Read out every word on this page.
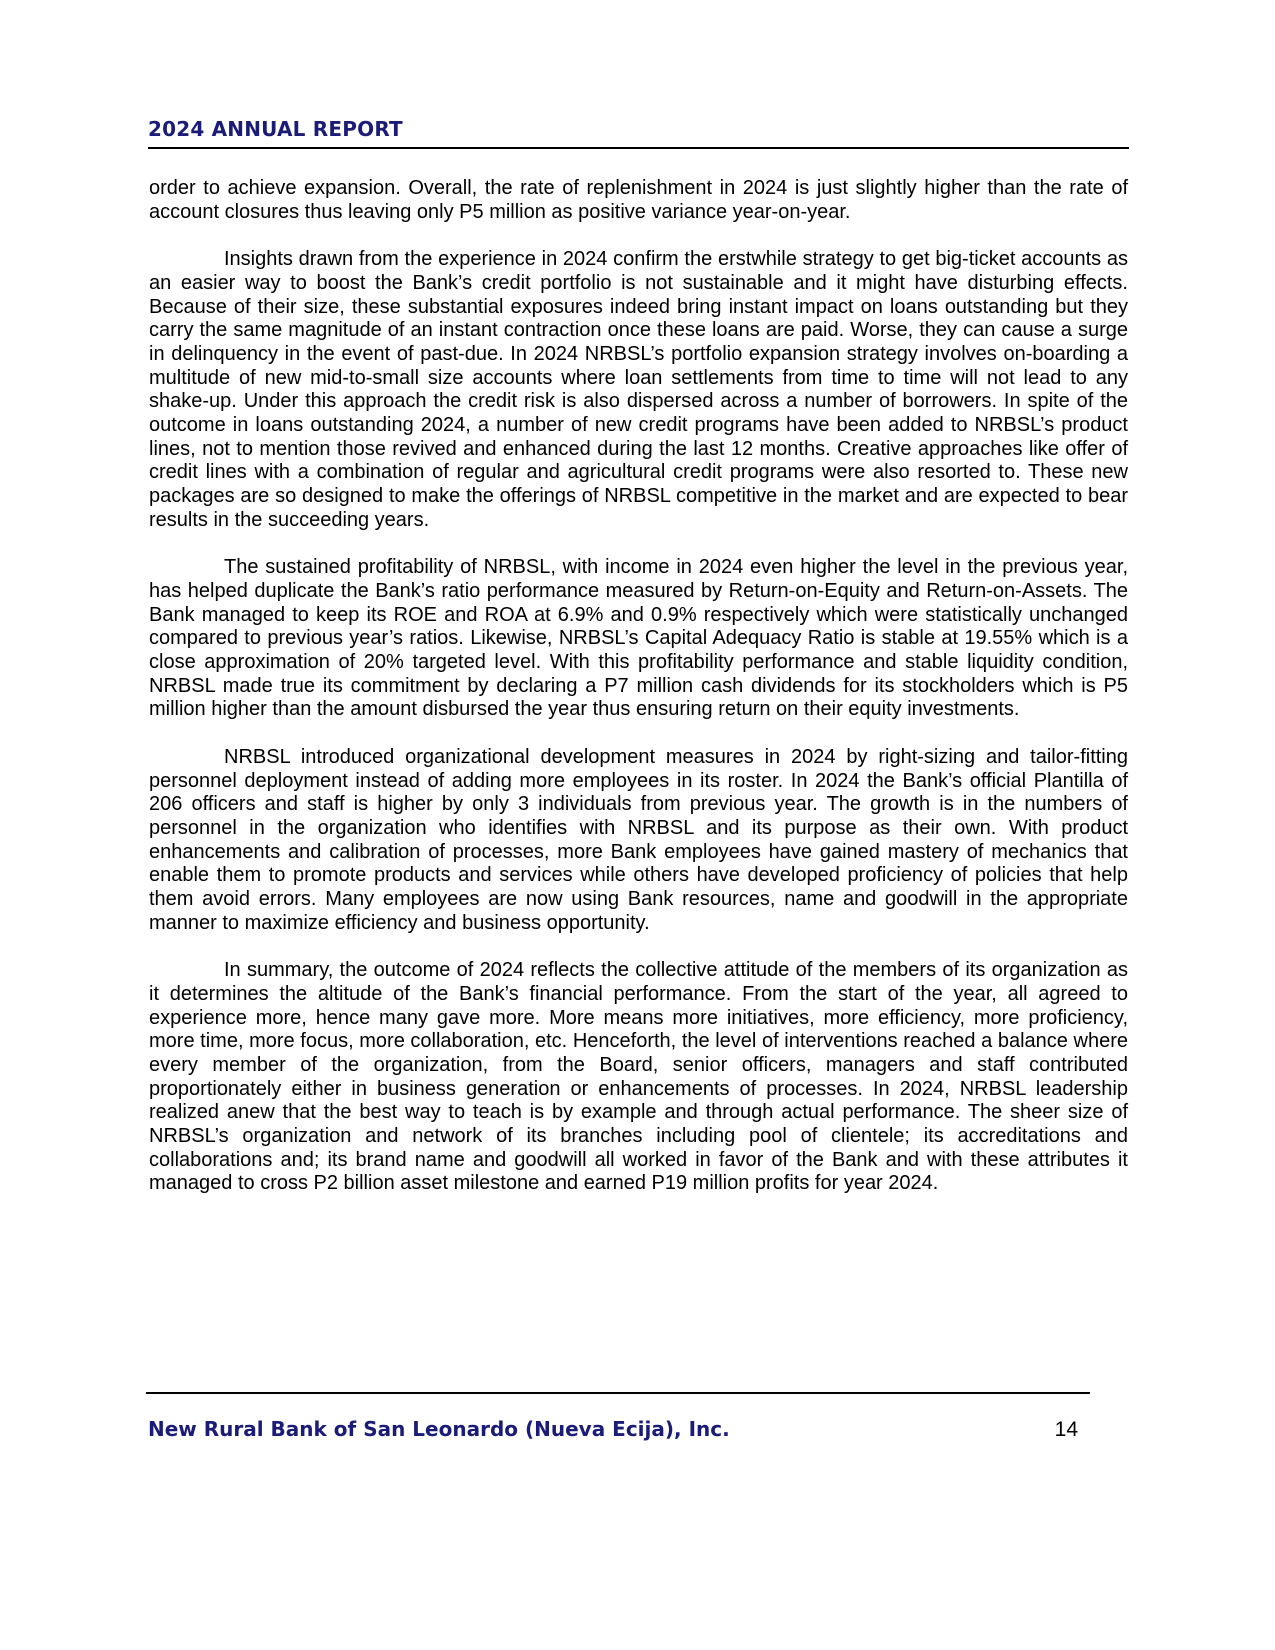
2024 ANNUAL REPORT

order to achieve expansion. Overall, the rate of replenishment in 2024 is just slightly higher than the rate of account closures thus leaving only P5 million as positive variance year-on-year.

Insights drawn from the experience in 2024 confirm the erstwhile strategy to get big-ticket accounts as an easier way to boost the Bank’s credit portfolio is not sustainable and it might have disturbing effects. Because of their size, these substantial exposures indeed bring instant impact on loans outstanding but they carry the same magnitude of an instant contraction once these loans are paid. Worse, they can cause a surge in delinquency in the event of past-due. In 2024 NRBSL’s portfolio expansion strategy involves on-boarding a multitude of new mid-to-small size accounts where loan settlements from time to time will not lead to any shake-up. Under this approach the credit risk is also dispersed across a number of borrowers. In spite of the outcome in loans outstanding 2024, a number of new credit programs have been added to NRBSL’s product lines, not to mention those revived and enhanced during the last 12 months. Creative approaches like offer of credit lines with a combination of regular and agricultural credit programs were also resorted to. These new packages are so designed to make the offerings of NRBSL competitive in the market and are expected to bear results in the succeeding years.

The sustained profitability of NRBSL, with income in 2024 even higher the level in the previous year, has helped duplicate the Bank’s ratio performance measured by Return-on-Equity and Return-on-Assets. The Bank managed to keep its ROE and ROA at 6.9% and 0.9% respectively which were statistically unchanged compared to previous year’s ratios. Likewise, NRBSL’s Capital Adequacy Ratio is stable at 19.55% which is a close approximation of 20% targeted level. With this profitability performance and stable liquidity condition, NRBSL made true its commitment by declaring a P7 million cash dividends for its stockholders which is P5 million higher than the amount disbursed the year thus ensuring return on their equity investments.

NRBSL introduced organizational development measures in 2024 by right-sizing and tailor-fitting personnel deployment instead of adding more employees in its roster. In 2024 the Bank’s official Plantilla of 206 officers and staff is higher by only 3 individuals from previous year. The growth is in the numbers of personnel in the organization who identifies with NRBSL and its purpose as their own. With product enhancements and calibration of processes, more Bank employees have gained mastery of mechanics that enable them to promote products and services while others have developed proficiency of policies that help them avoid errors. Many employees are now using Bank resources, name and goodwill in the appropriate manner to maximize efficiency and business opportunity.

In summary, the outcome of 2024 reflects the collective attitude of the members of its organization as it determines the altitude of the Bank’s financial performance. From the start of the year, all agreed to experience more, hence many gave more. More means more initiatives, more efficiency, more proficiency, more time, more focus, more collaboration, etc. Henceforth, the level of interventions reached a balance where every member of the organization, from the Board, senior officers, managers and staff contributed proportionately either in business generation or enhancements of processes. In 2024, NRBSL leadership realized anew that the best way to teach is by example and through actual performance. The sheer size of NRBSL’s organization and network of its branches including pool of clientele; its accreditations and collaborations and; its brand name and goodwill all worked in favor of the Bank and with these attributes it managed to cross P2 billion asset milestone and earned P19 million profits for year 2024.

New Rural Bank of San Leonardo (Nueva Ecija), Inc.	14
